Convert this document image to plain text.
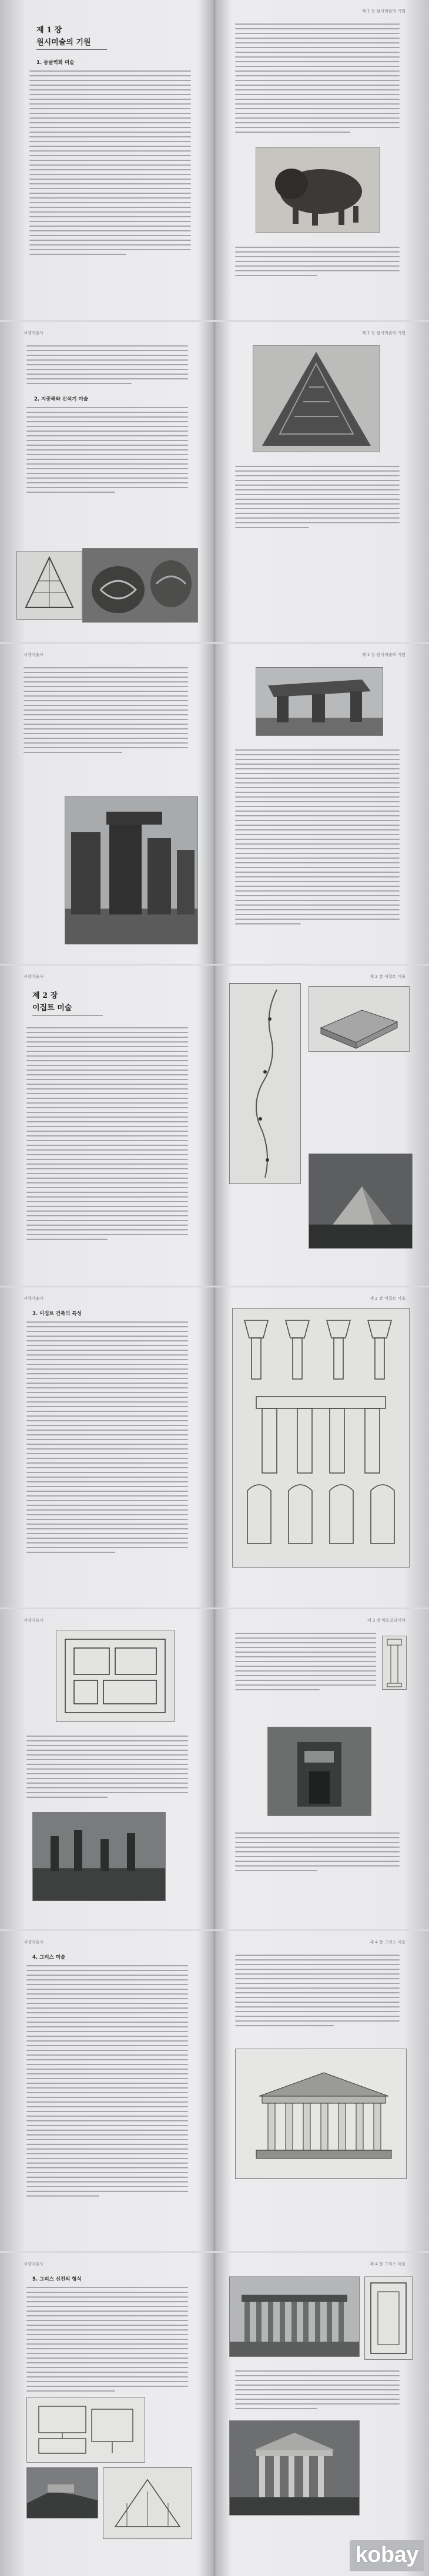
제 1 장
원시미술의 기원
1. 동굴벽화 미술
제 1 장 원시미술의 기원
서양미술사
2. 지중해와 신석기 미술
제 1 장 원시미술의 기원
서양미술사	제 1 장 원시미술의 기원
서양미술사
제 2 장
이집트 미술
제 2 장 이집트 미술
서양미술사
3. 이집트 건축의 특성
제 2 장 이집트 미술
서양미술사	제 3 장 메소포타미아
서양미술사
4. 그리스 미술
제 4 장 그리스 미술
서양미술사
5. 그리스 신전의 형식
제 4 장 그리스 미술
kobay
